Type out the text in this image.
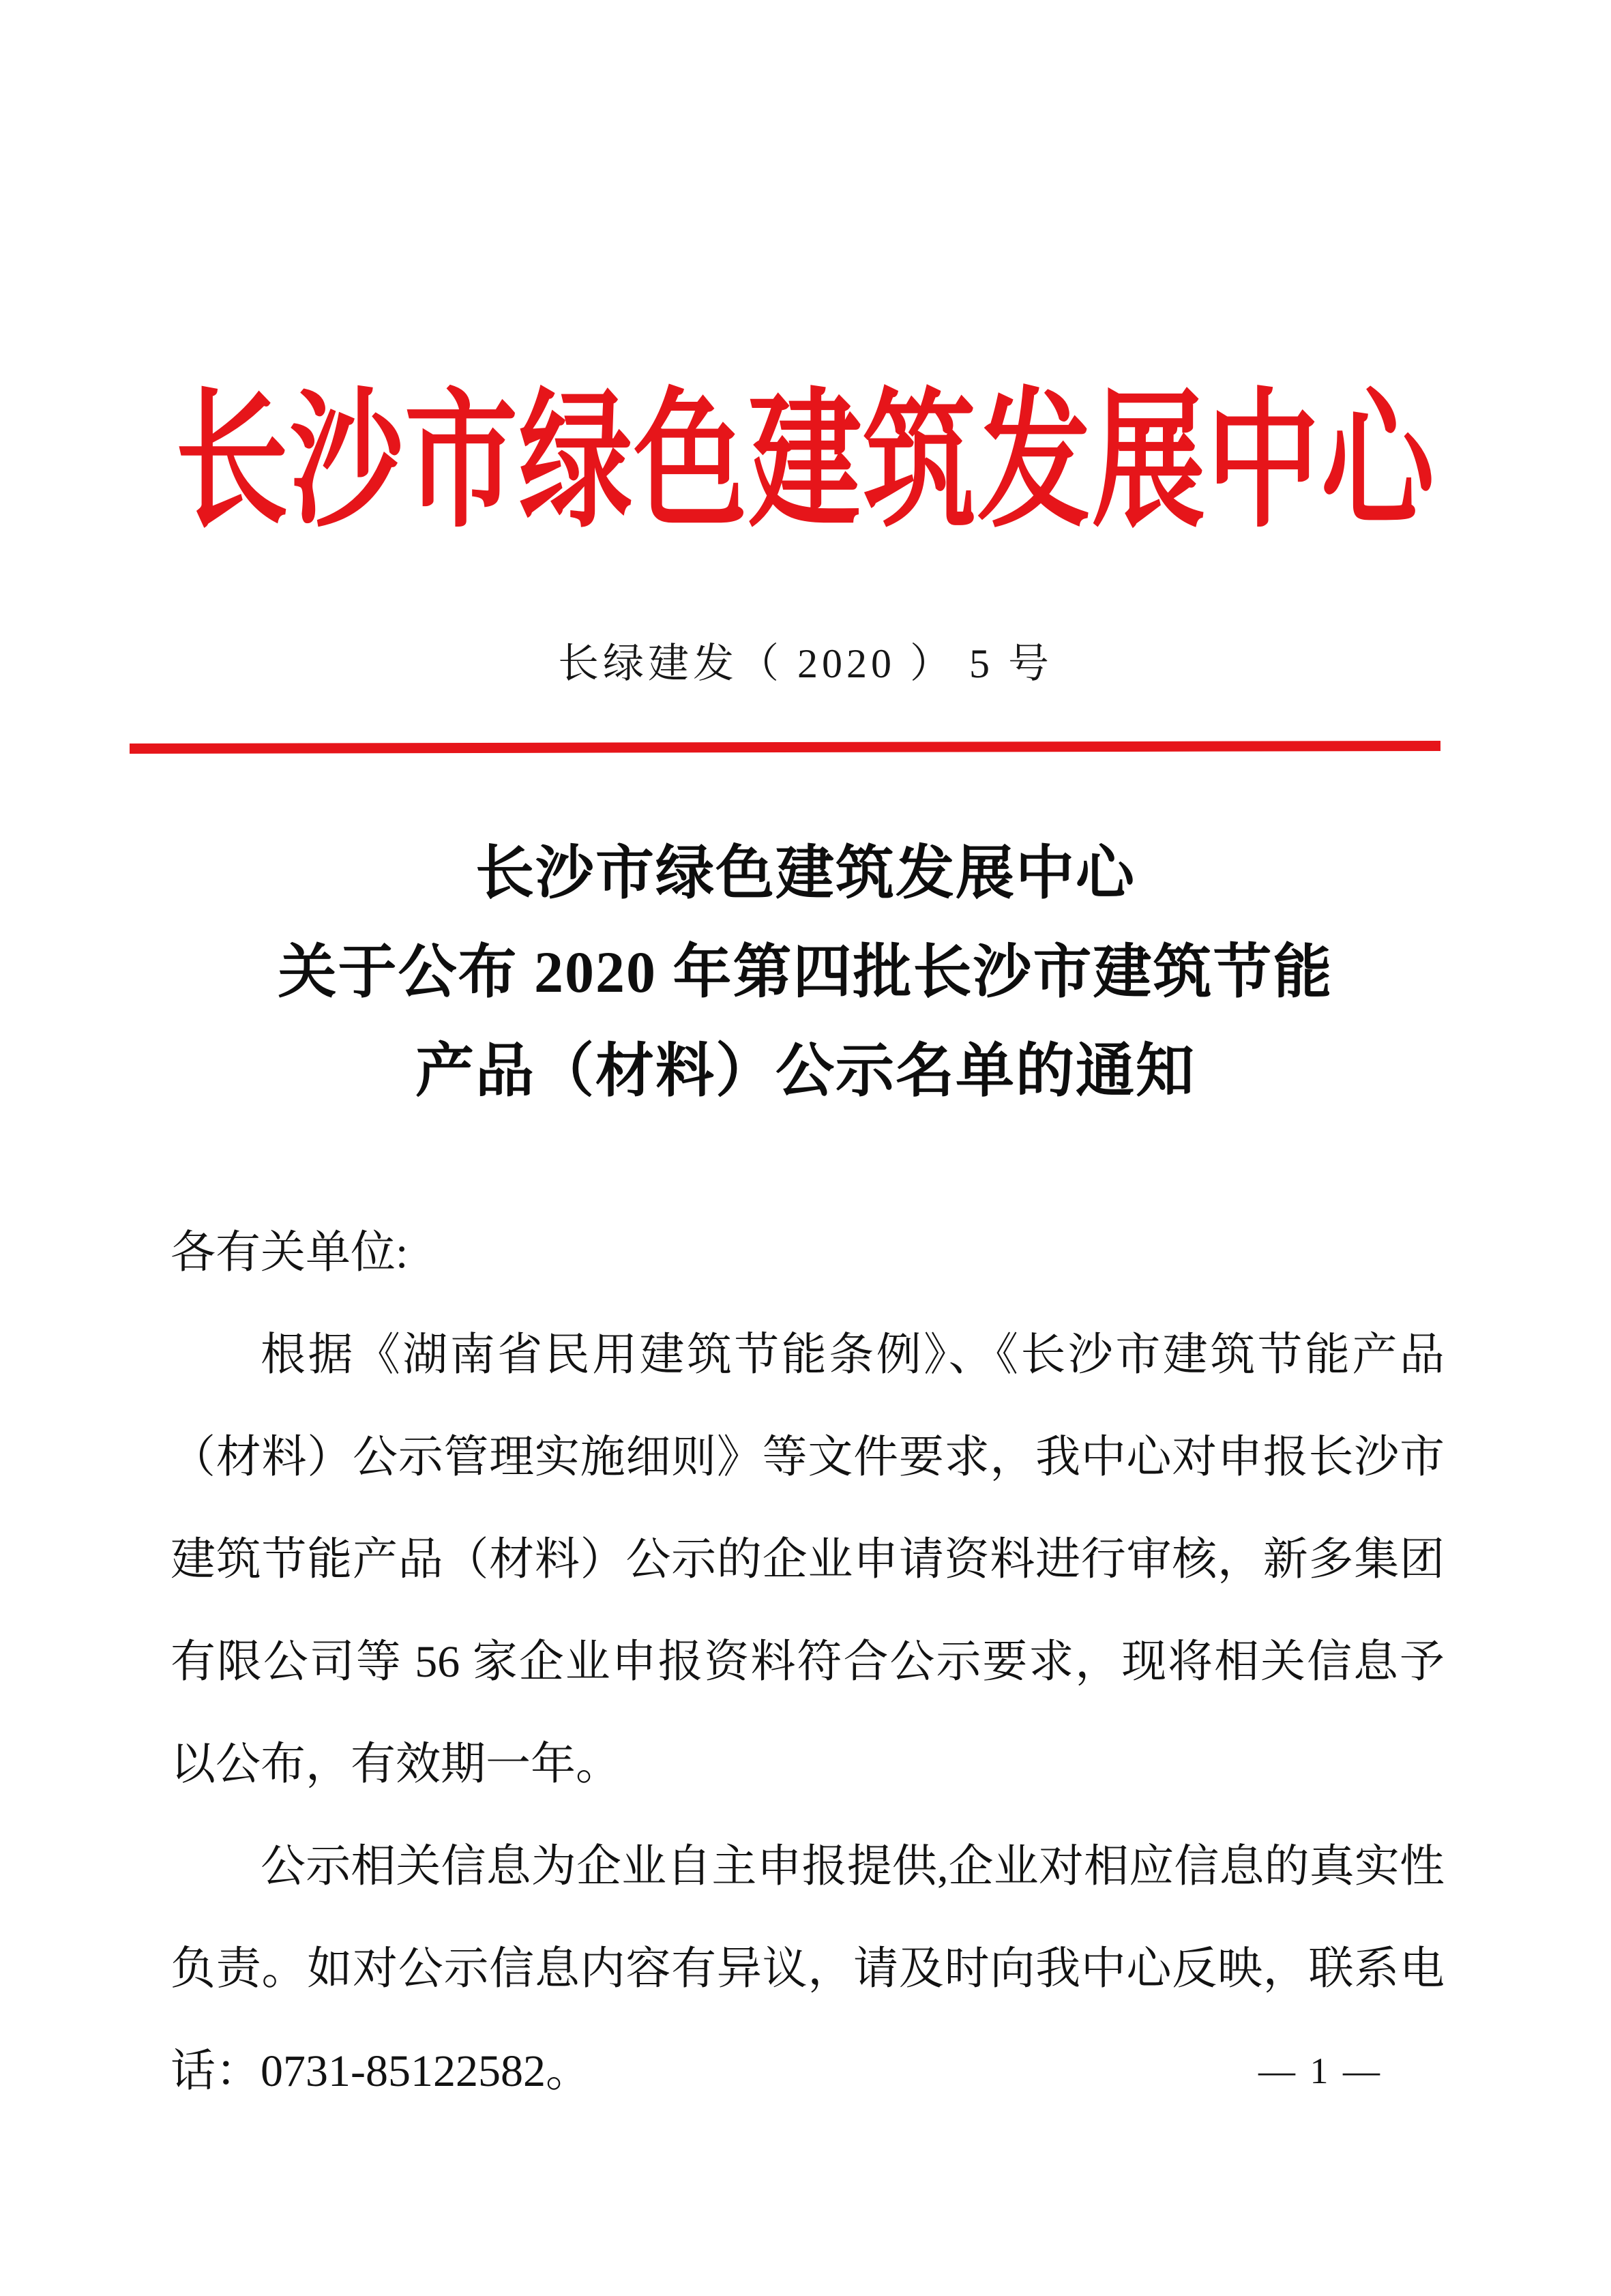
长沙市绿色建筑发展中心
长绿建发（ 2020 ） 5 号
长沙市绿色建筑发展中心
关于公布 2020 年第四批长沙市建筑节能
产品（材料）公示名单的通知

各有关单位:

根据《湖南省民用建筑节能条例》、《长沙市建筑节能产品（材料）公示管理实施细则》等文件要求，我中心对申报长沙市建筑节能产品（材料）公示的企业申请资料进行审核，新多集团有限公司等 56 家企业申报资料符合公示要求，现将相关信息予以公布，有效期一年。

公示相关信息为企业自主申报提供,企业对相应信息的真实性负责。如对公示信息内容有异议，请及时向我中心反映，联系电话：0731-85122582。	— 1 —
